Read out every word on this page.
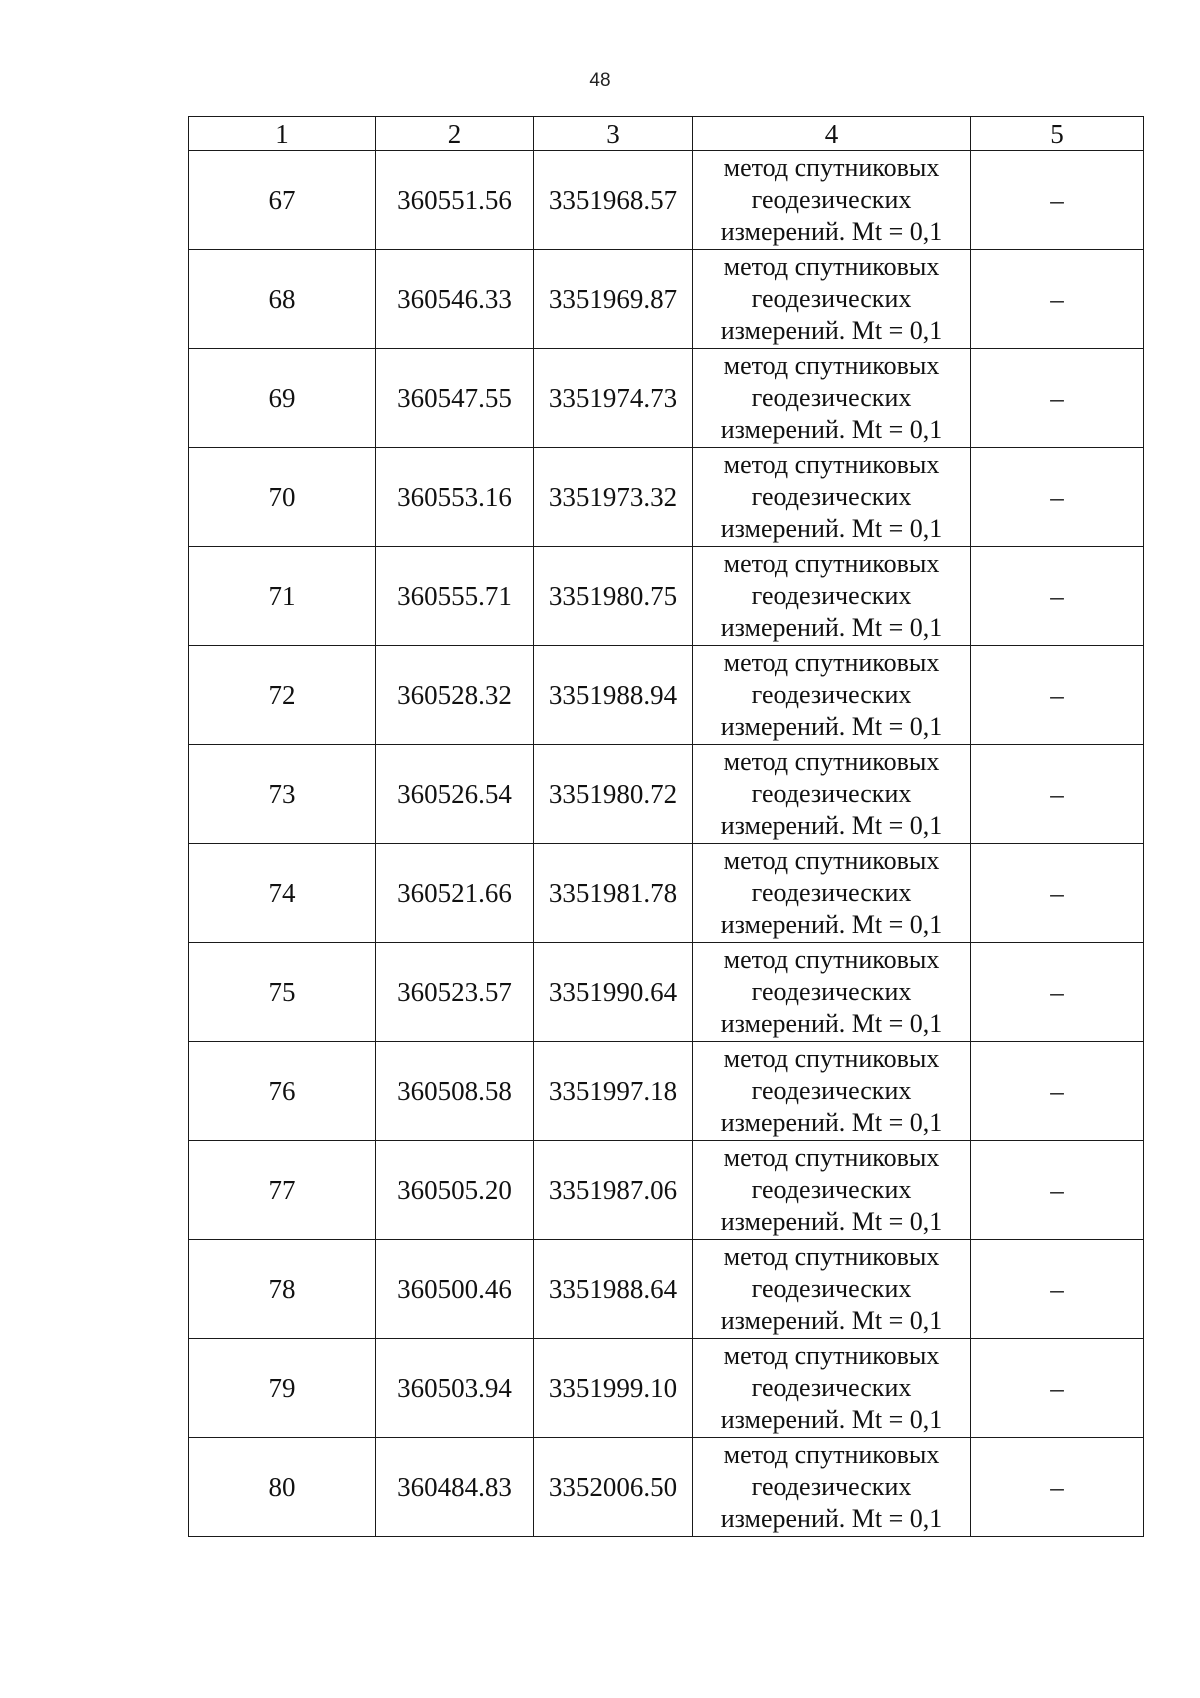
48
1	2	3	4	5
67	360551.56	3351968.57	метод спутниковых геодезических измерений. Mt = 0,1	–
68	360546.33	3351969.87	метод спутниковых геодезических измерений. Mt = 0,1	–
69	360547.55	3351974.73	метод спутниковых геодезических измерений. Mt = 0,1	–
70	360553.16	3351973.32	метод спутниковых геодезических измерений. Mt = 0,1	–
71	360555.71	3351980.75	метод спутниковых геодезических измерений. Mt = 0,1	–
72	360528.32	3351988.94	метод спутниковых геодезических измерений. Mt = 0,1	–
73	360526.54	3351980.72	метод спутниковых геодезических измерений. Mt = 0,1	–
74	360521.66	3351981.78	метод спутниковых геодезических измерений. Mt = 0,1	–
75	360523.57	3351990.64	метод спутниковых геодезических измерений. Mt = 0,1	–
76	360508.58	3351997.18	метод спутниковых геодезических измерений. Mt = 0,1	–
77	360505.20	3351987.06	метод спутниковых геодезических измерений. Mt = 0,1	–
78	360500.46	3351988.64	метод спутниковых геодезических измерений. Mt = 0,1	–
79	360503.94	3351999.10	метод спутниковых геодезических измерений. Mt = 0,1	–
80	360484.83	3352006.50	метод спутниковых геодезических измерений. Mt = 0,1	–
